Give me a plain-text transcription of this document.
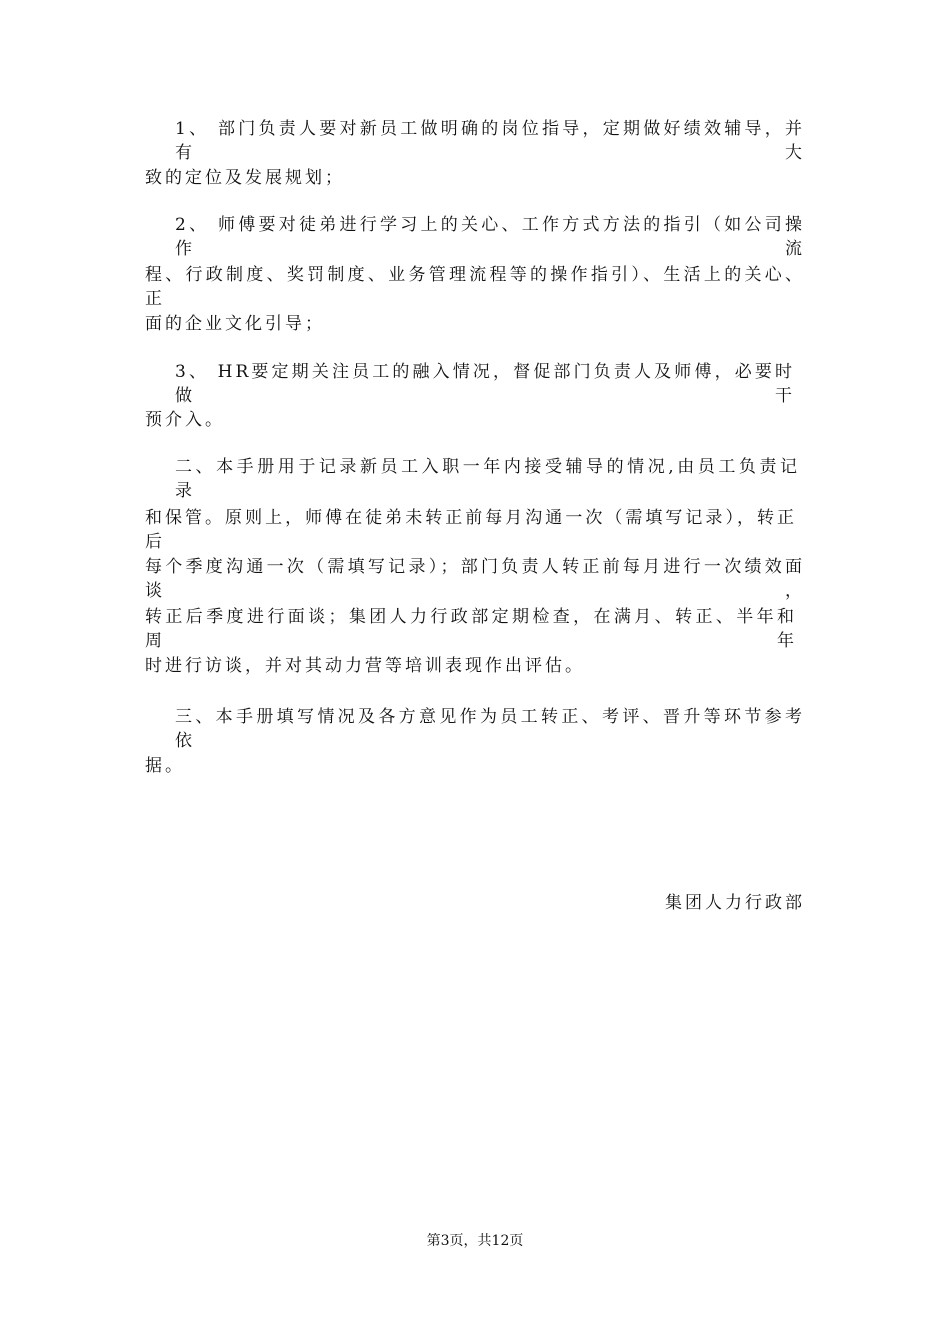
1、 部门负责人要对新员工做明确的岗位指导，定期做好绩效辅导，并有大
致的定位及发展规划；
2、 师傅要对徒弟进行学习上的关心、工作方式方法的指引（如公司操作流
程、行政制度、奖罚制度、业务管理流程等的操作指引）、生活上的关心、正
面的企业文化引导；
3、 HR要定期关注员工的融入情况，督促部门负责人及师傅，必要时做干
预介入。
二、本手册用于记录新员工入职一年内接受辅导的情况,由员工负责记录
和保管。原则上，师傅在徒弟未转正前每月沟通一次（需填写记录），转正后
每个季度沟通一次（需填写记录）；部门负责人转正前每月进行一次绩效面谈，
转正后季度进行面谈；集团人力行政部定期检查，在满月、转正、半年和周年
时进行访谈，并对其动力营等培训表现作出评估。
三、本手册填写情况及各方意见作为员工转正、考评、晋升等环节参考依
据。
集团人力行政部
第3页，共12页
